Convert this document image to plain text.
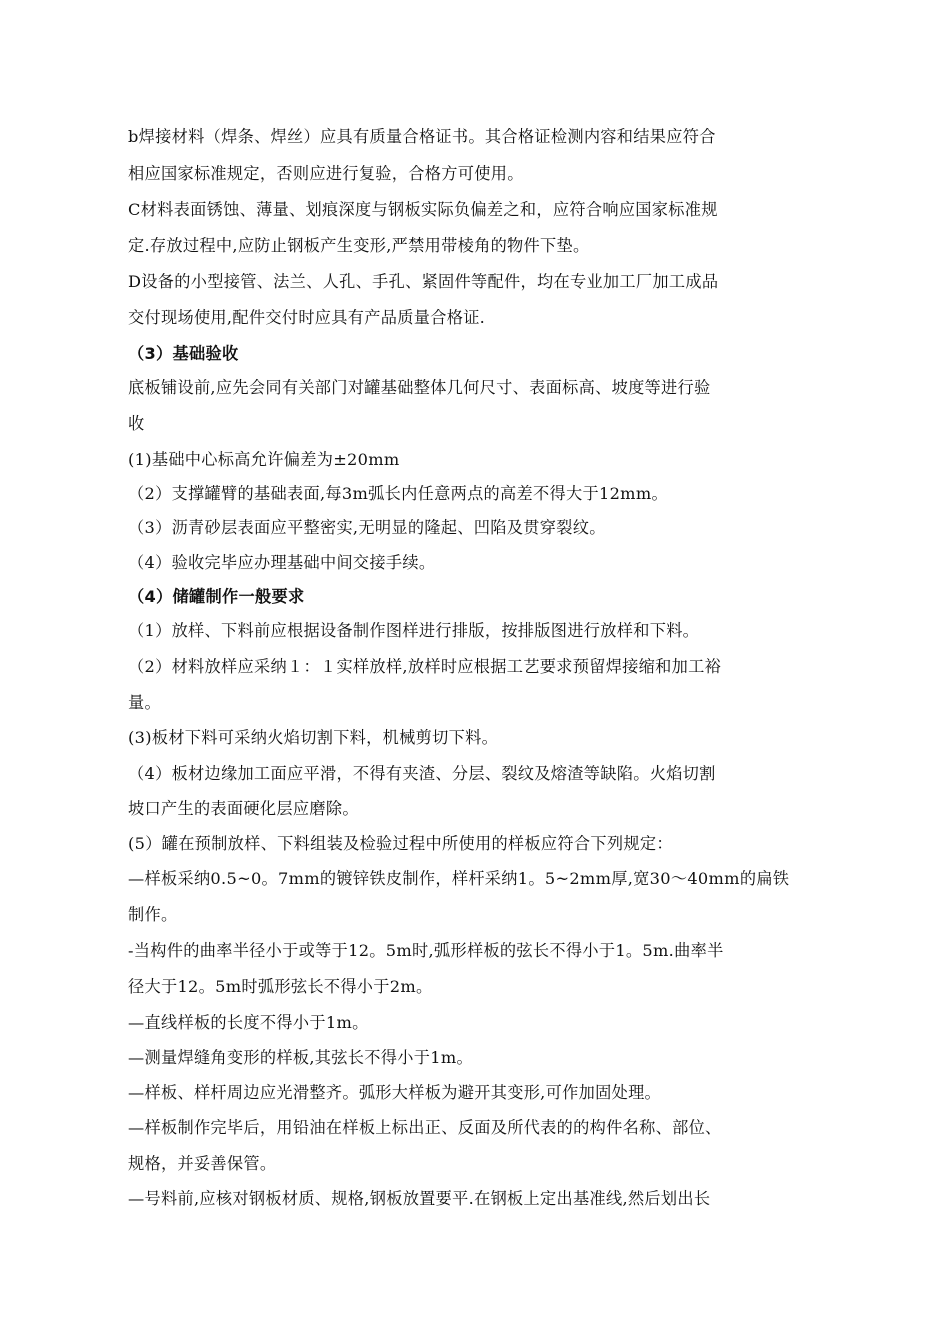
b焊接材料（焊条、焊丝）应具有质量合格证书。其合格证检测内容和结果应符合
相应国家标准规定，否则应进行复验，合格方可使用。
C材料表面锈蚀、薄量、划痕深度与钢板实际负偏差之和，应符合响应国家标准规
定.存放过程中,应防止钢板产生变形,严禁用带棱角的物件下垫。
D设备的小型接管、法兰、人孔、手孔、紧固件等配件，均在专业加工厂加工成品
交付现场使用,配件交付时应具有产品质量合格证.
（3）基础验收
底板铺设前,应先会同有关部门对罐基础整体几何尺寸、表面标高、坡度等进行验
收
(1)基础中心标高允许偏差为±20mm
（2）支撑罐臂的基础表面,每3m弧长内任意两点的高差不得大于12mm。
（3）沥青砂层表面应平整密实,无明显的隆起、凹陷及贯穿裂纹。
（4）验收完毕应办理基础中间交接手续。
（4）储罐制作一般要求
（1）放样、下料前应根据设备制作图样进行排版，按排版图进行放样和下料。
（2）材料放样应采纳１：１实样放样,放样时应根据工艺要求预留焊接缩和加工裕
量。
(3)板材下料可采纳火焰切割下料，机械剪切下料。
（4）板材边缘加工面应平滑，不得有夹渣、分层、裂纹及熔渣等缺陷。火焰切割
坡口产生的表面硬化层应磨除。
(5）罐在预制放样、下料组装及检验过程中所使用的样板应符合下列规定：
—样板采纳0.5~0。7mm的镀锌铁皮制作，样杆采纳1。5~2mm厚,宽30～40mm的扁铁
制作。
-当构件的曲率半径小于或等于12。5m时,弧形样板的弦长不得小于1。5m.曲率半
径大于12。5m时弧形弦长不得小于2m。
—直线样板的长度不得小于1m。
—测量焊缝角变形的样板,其弦长不得小于1m。
—样板、样杆周边应光滑整齐。弧形大样板为避开其变形,可作加固处理。
—样板制作完毕后，用铅油在样板上标出正、反面及所代表的的构件名称、部位、
规格，并妥善保管。
—号料前,应核对钢板材质、规格,钢板放置要平.在钢板上定出基准线,然后划出长
